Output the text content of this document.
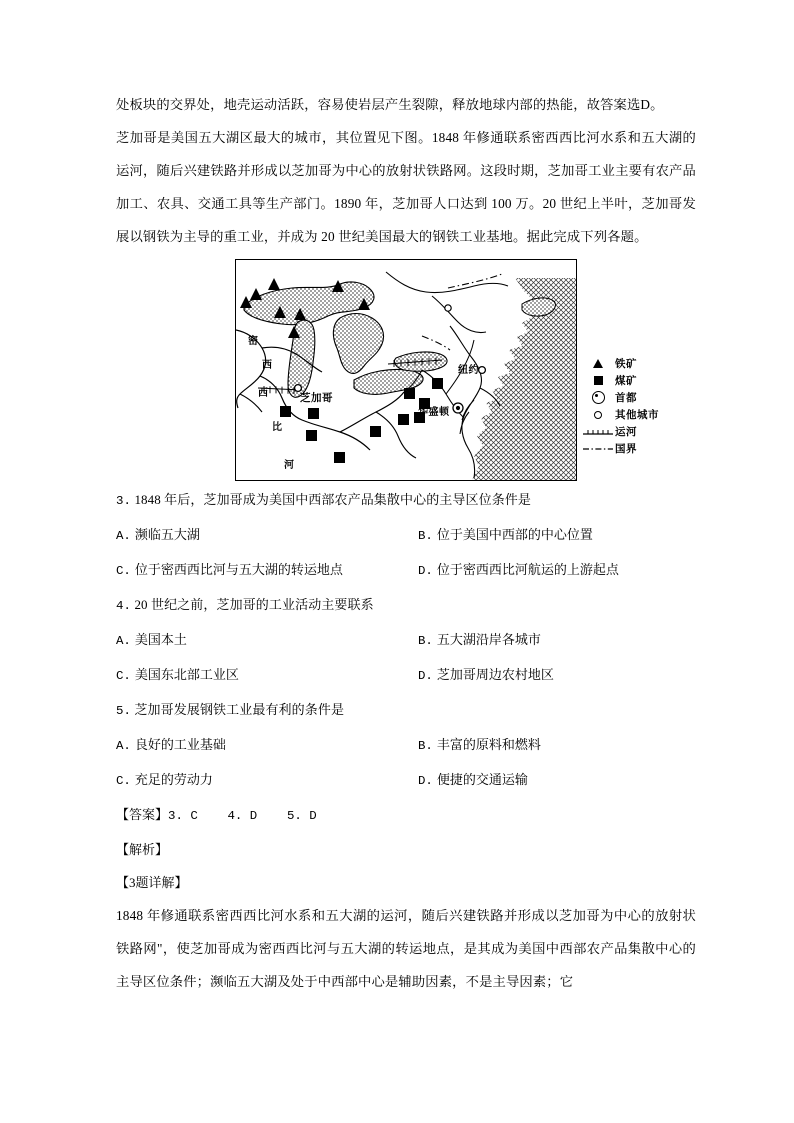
处板块的交界处，地壳运动活跃，容易使岩层产生裂隙，释放地球内部的热能，故答案选D。

芝加哥是美国五大湖区最大的城市，其位置见下图。1848 年修通联系密西西比河水系和五大湖的运河，随后兴建铁路并形成以芝加哥为中心的放射状铁路网。这段时期，芝加哥工业主要有农产品加工、农具、交通工具等生产部门。1890 年，芝加哥人口达到 100 万。20 世纪上半叶，芝加哥发展以钢铁为主导的重工业，并成为 20 世纪美国最大的钢铁工业基地。据此完成下列各题。

芝加哥
纽约
华盛顿
密
西
西
比
河
铁矿
煤矿
首都
其他城市
运河
国界

3. 1848 年后，芝加哥成为美国中西部农产品集散中心的主导区位条件是

A. 濒临五大湖	B. 位于美国中西部的中心位置
C. 位于密西西比河与五大湖的转运地点	D. 位于密西西比河航运的上游起点

4. 20 世纪之前，芝加哥的工业活动主要联系

A. 美国本土	B. 五大湖沿岸各城市
C. 美国东北部工业区	D. 芝加哥周边农村地区

5. 芝加哥发展钢铁工业最有利的条件是

A. 良好的工业基础	B. 丰富的原料和燃料
C. 充足的劳动力	D. 便捷的交通运输
【答案】3. C    4. D    5. D
【解析】
【3题详解】

1848 年修通联系密西西比河水系和五大湖的运河，随后兴建铁路并形成以芝加哥为中心的放射状铁路网"，使芝加哥成为密西西比河与五大湖的转运地点，是其成为美国中西部农产品集散中心的主导区位条件；濒临五大湖及处于中西部中心是辅助因素，不是主导因素；它
